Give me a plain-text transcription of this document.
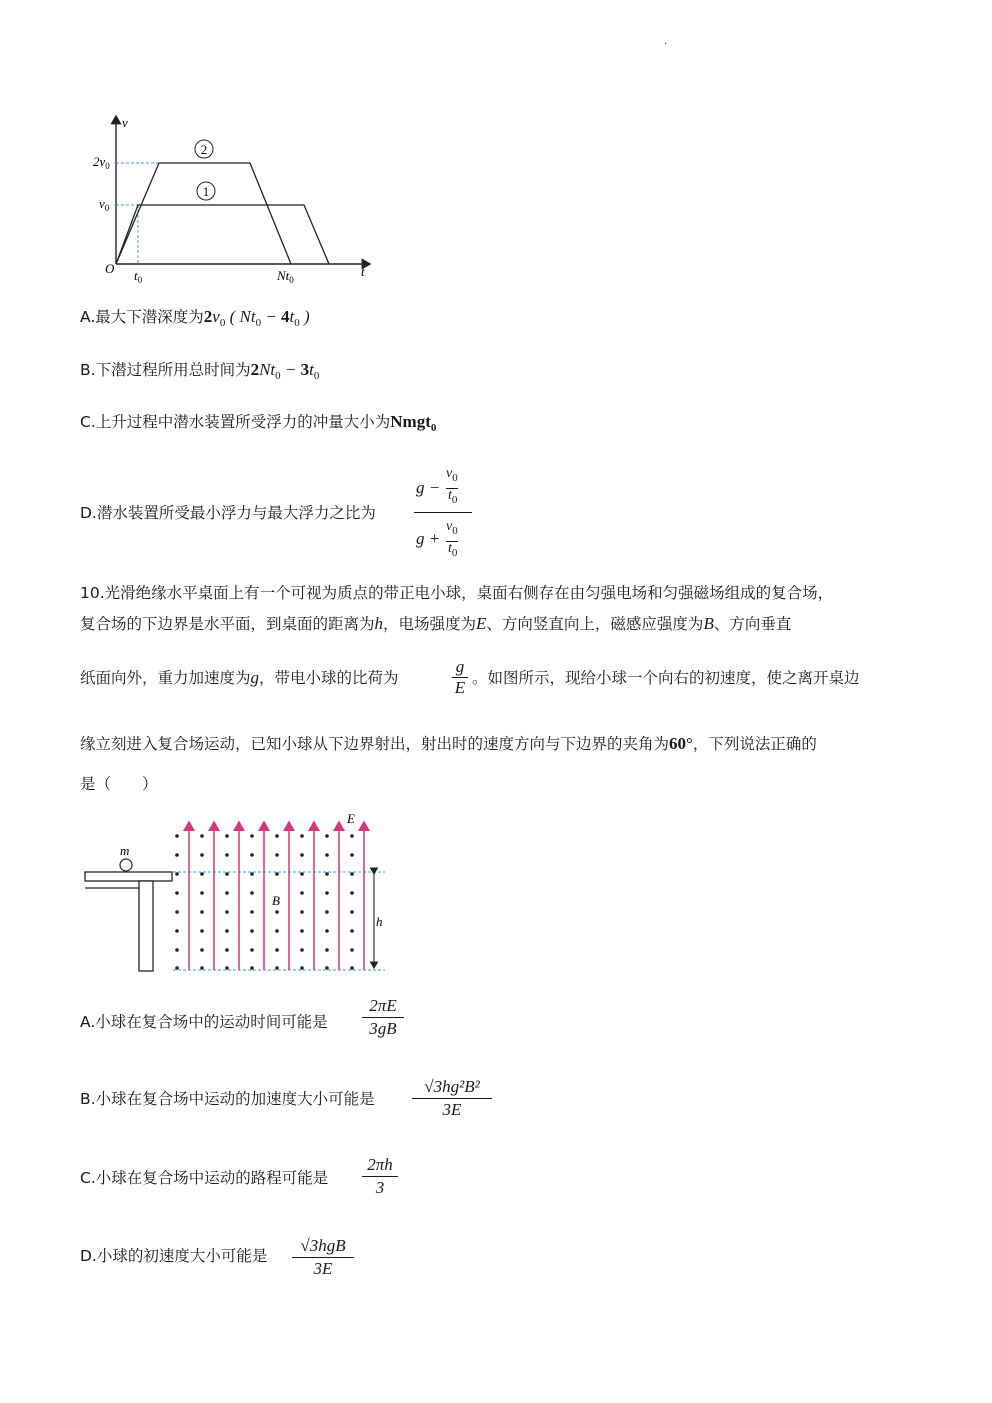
.
v
t
O
$2v_0$
$v_0$
$t_0$	$Nt_0$
2
1
A.最大下潜深度为$2v_0$ ( $Nt_0 - 4t_0$ )
B.下潜过程所用总时间为$2Nt_0 - 3t_0$
C.上升过程中潜水装置所受浮力的冲量大小为Nmgt$_0$
D.潜水装置所受最小浮力与最大浮力之比为
g −
$v_0$
$t_0$
g +
$v_0$
$t_0$
10.光滑绝缘水平桌面上有一个可视为质点的带正电小球，桌面右侧存在由匀强电场和匀强磁场组成的复合场，
复合场的下边界是水平面，到桌面的距离为h，电场强度为E、方向竖直向上，磁感应强度为B、方向垂直
纸面向外，重力加速度为g，带电小球的比荷为
g
E 。如图所示，现给小球一个向右的初速度，使之离开桌边
缘立刻进入复合场运动，已知小球从下边界射出，射出时的速度方向与下边界的夹角为60°，下列说法正确的
是（　　）
m
E
B
h
A.小球在复合场中的运动时间可能是
2πE
3gB
B.小球在复合场中运动的加速度大小可能是
√3hg²B²
3E
C.小球在复合场中运动的路程可能是
2πh
3
D.小球的初速度大小可能是
√3hgB
3E
